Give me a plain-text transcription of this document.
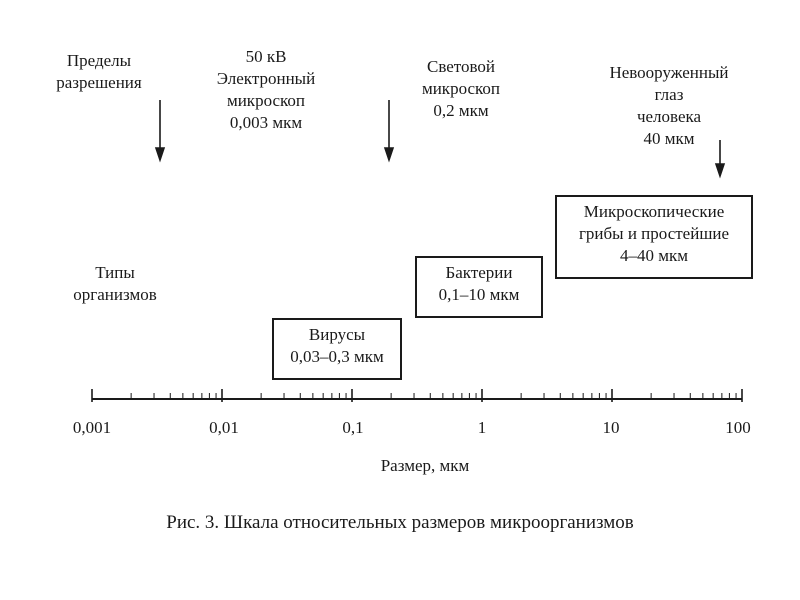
Пределы
разрешения
50 кВ
Электронный
микроскоп
0,003 мкм
Световой
микроскоп
0,2 мкм
Невооруженный
глаз
человека
40 мкм
Типы
организмов
Вирусы
0,03–0,3 мкм
Бактерии
0,1–10 мкм
Микроскопические
грибы и простейшие
4–40 мкм
0,001	0,01	0,1	1	10	100
Размер, мкм
Рис. 3. Шкала относительных размеров микроорганизмов
